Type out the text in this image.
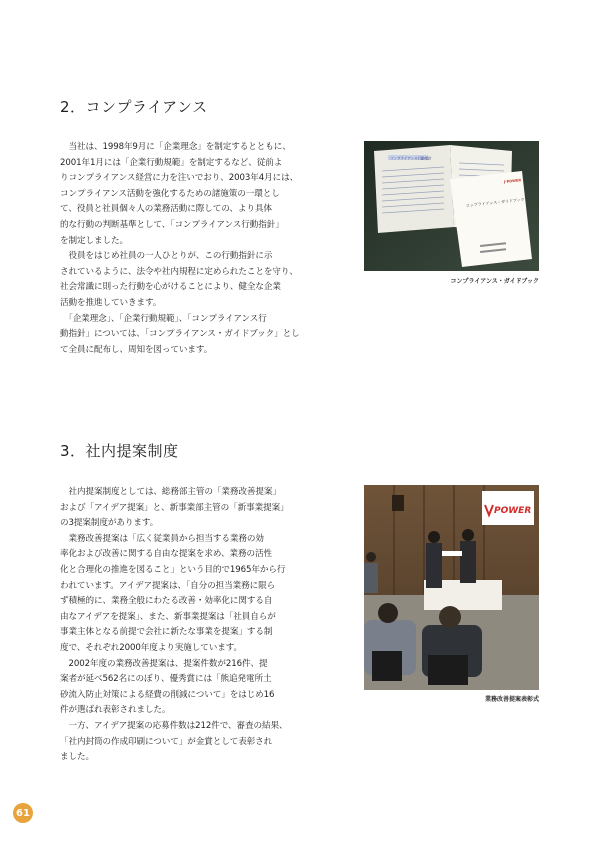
2．コンプライアンス

　当社は、1998年9月に「企業理念」を制定するとともに、

2001年1月には「企業行動規範」を制定するなど、従前よ

りコンプライアンス経営に力を注いでおり、2003年4月には、

コンプライアンス活動を強化するための諸施策の一環とし

て、役員と社員個々人の業務活動に際しての、より具体

的な行動の判断基準として、「コンプライアンス行動指針」

を制定しました。

　役員をはじめ社員の一人ひとりが、この行動指針に示

されているように、法令や社内規程に定められたことを守り、

社会常識に則った行動を心がけることにより、健全な企業

活動を推進していきます。

　「企業理念」、「企業行動規範」、「コンプライアンス行

動指針」については、「コンプライアンス・ガイドブック」とし

て全員に配布し、周知を図っています。

コンプライアンス行動指針
コンプライアンス・ガイドブック
J-POWER
コンプライアンス・ガイドブック
3．社内提案制度

　社内提案制度としては、総務部主管の「業務改善提案」

および「アイデア提案」と、新事業部主管の「新事業提案」

の3提案制度があります。

　業務改善提案は「広く従業員から担当する業務の効

率化および改善に関する自由な提案を求め、業務の活性

化と合理化の推進を図ること」という目的で1965年から行

われています。アイデア提案は、「自分の担当業務に限ら

ず積極的に、業務全般にわたる改善・効率化に関する自

由なアイデアを提案」、また、新事業提案は「社員自らが

事業主体となる前提で会社に新たな事業を提案」する制

度で、それぞれ2000年度より実施しています。

　2002年度の業務改善提案は、提案件数が216件、提

案者が延べ562名にのぼり、優秀賞には「熊追発電所土

砂流入防止対策による経費の削減について」をはじめ16

件が選ばれ表彰されました。

　一方、アイデア提案の応募件数は212件で、審査の結果、

「社内封筒の作成印刷について」が金賞として表彰され

ました。

POWER
業務改善提案表彰式
61
